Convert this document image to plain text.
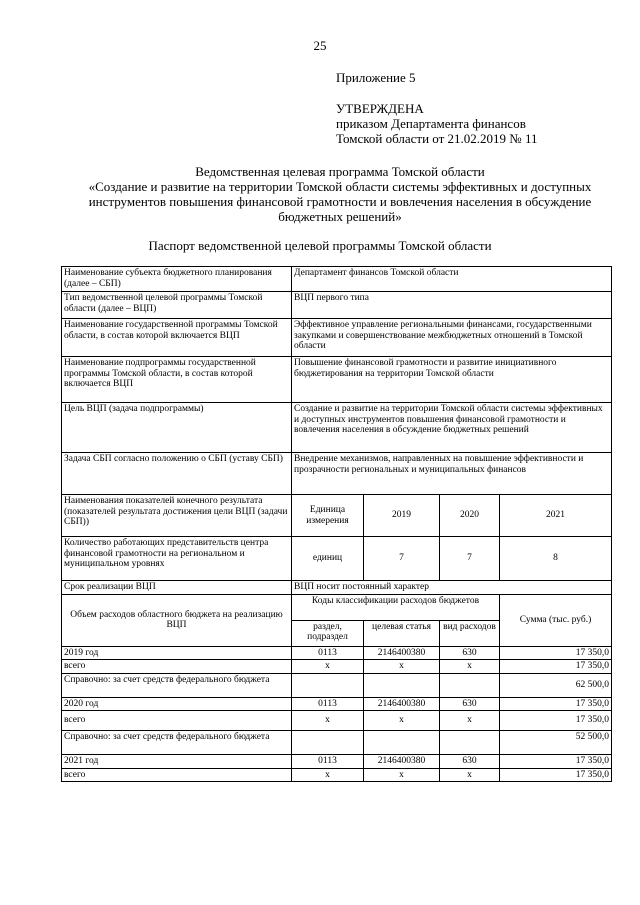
25
Приложение 5
УТВЕРЖДЕНА
приказом Департамента финансов
Томской области от 21.02.2019 № 11
Ведомственная целевая программа Томской области
«Создание и развитие на территории Томской области системы эффективных и доступных
инструментов повышения финансовой грамотности и вовлечения населения в обсуждение
бюджетных решений»
Паспорт ведомственной целевой программы Томской области
Наименование субъекта бюджетного планирования (далее – СБП)	Департамент финансов Томской области			
Тип ведомственной целевой программы Томской области (далее – ВЦП)	ВЦП первого типа			
Наименование государственной программы Томской области, в состав которой включается ВЦП	Эффективное управление региональными финансами, государственными закупками и совершенствование межбюджетных отношений в Томской области			
Наименование подпрограммы государственной программы Томской области, в состав которой включается ВЦП	Повышение финансовой грамотности и развитие инициативного бюджетирования на территории Томской области			
Цель ВЦП (задача подпрограммы)	Создание и развитие на территории Томской области системы эффективных и доступных инструментов повышения финансовой грамотности и вовлечения населения в обсуждение бюджетных решений			
Задача СБП согласно положению о СБП (уставу СБП)	Внедрение механизмов, направленных на повышение эффективности и прозрачности региональных и муниципальных финансов			
Наименования показателей конечного результата (показателей результата достижения цели ВЦП (задачи СБП))	Единица измерения	2019	2020	2021
Количество работающих представительств центра финансовой грамотности на региональном и муниципальном уровнях	единиц	7	7	8
Срок реализации ВЦП	ВЦП носит постоянный характер			
Объем расходов областного бюджета на реализацию ВЦП	Коды классификации расходов бюджетов			Сумма (тыс. руб.)
	раздел, подраздел	целевая статья	вид расходов	
2019 год	0113	2146400380	630	17 350,0
всего	х	х	х	17 350,0
Справочно: за счет средств федерального бюджета				62 500,0
2020 год	0113	2146400380	630	17 350,0
всего	х	х	х	17 350,0
Справочно: за счет средств федерального бюджета				52 500,0
2021 год	0113	2146400380	630	17 350,0
всего	х	х	х	17 350,0
